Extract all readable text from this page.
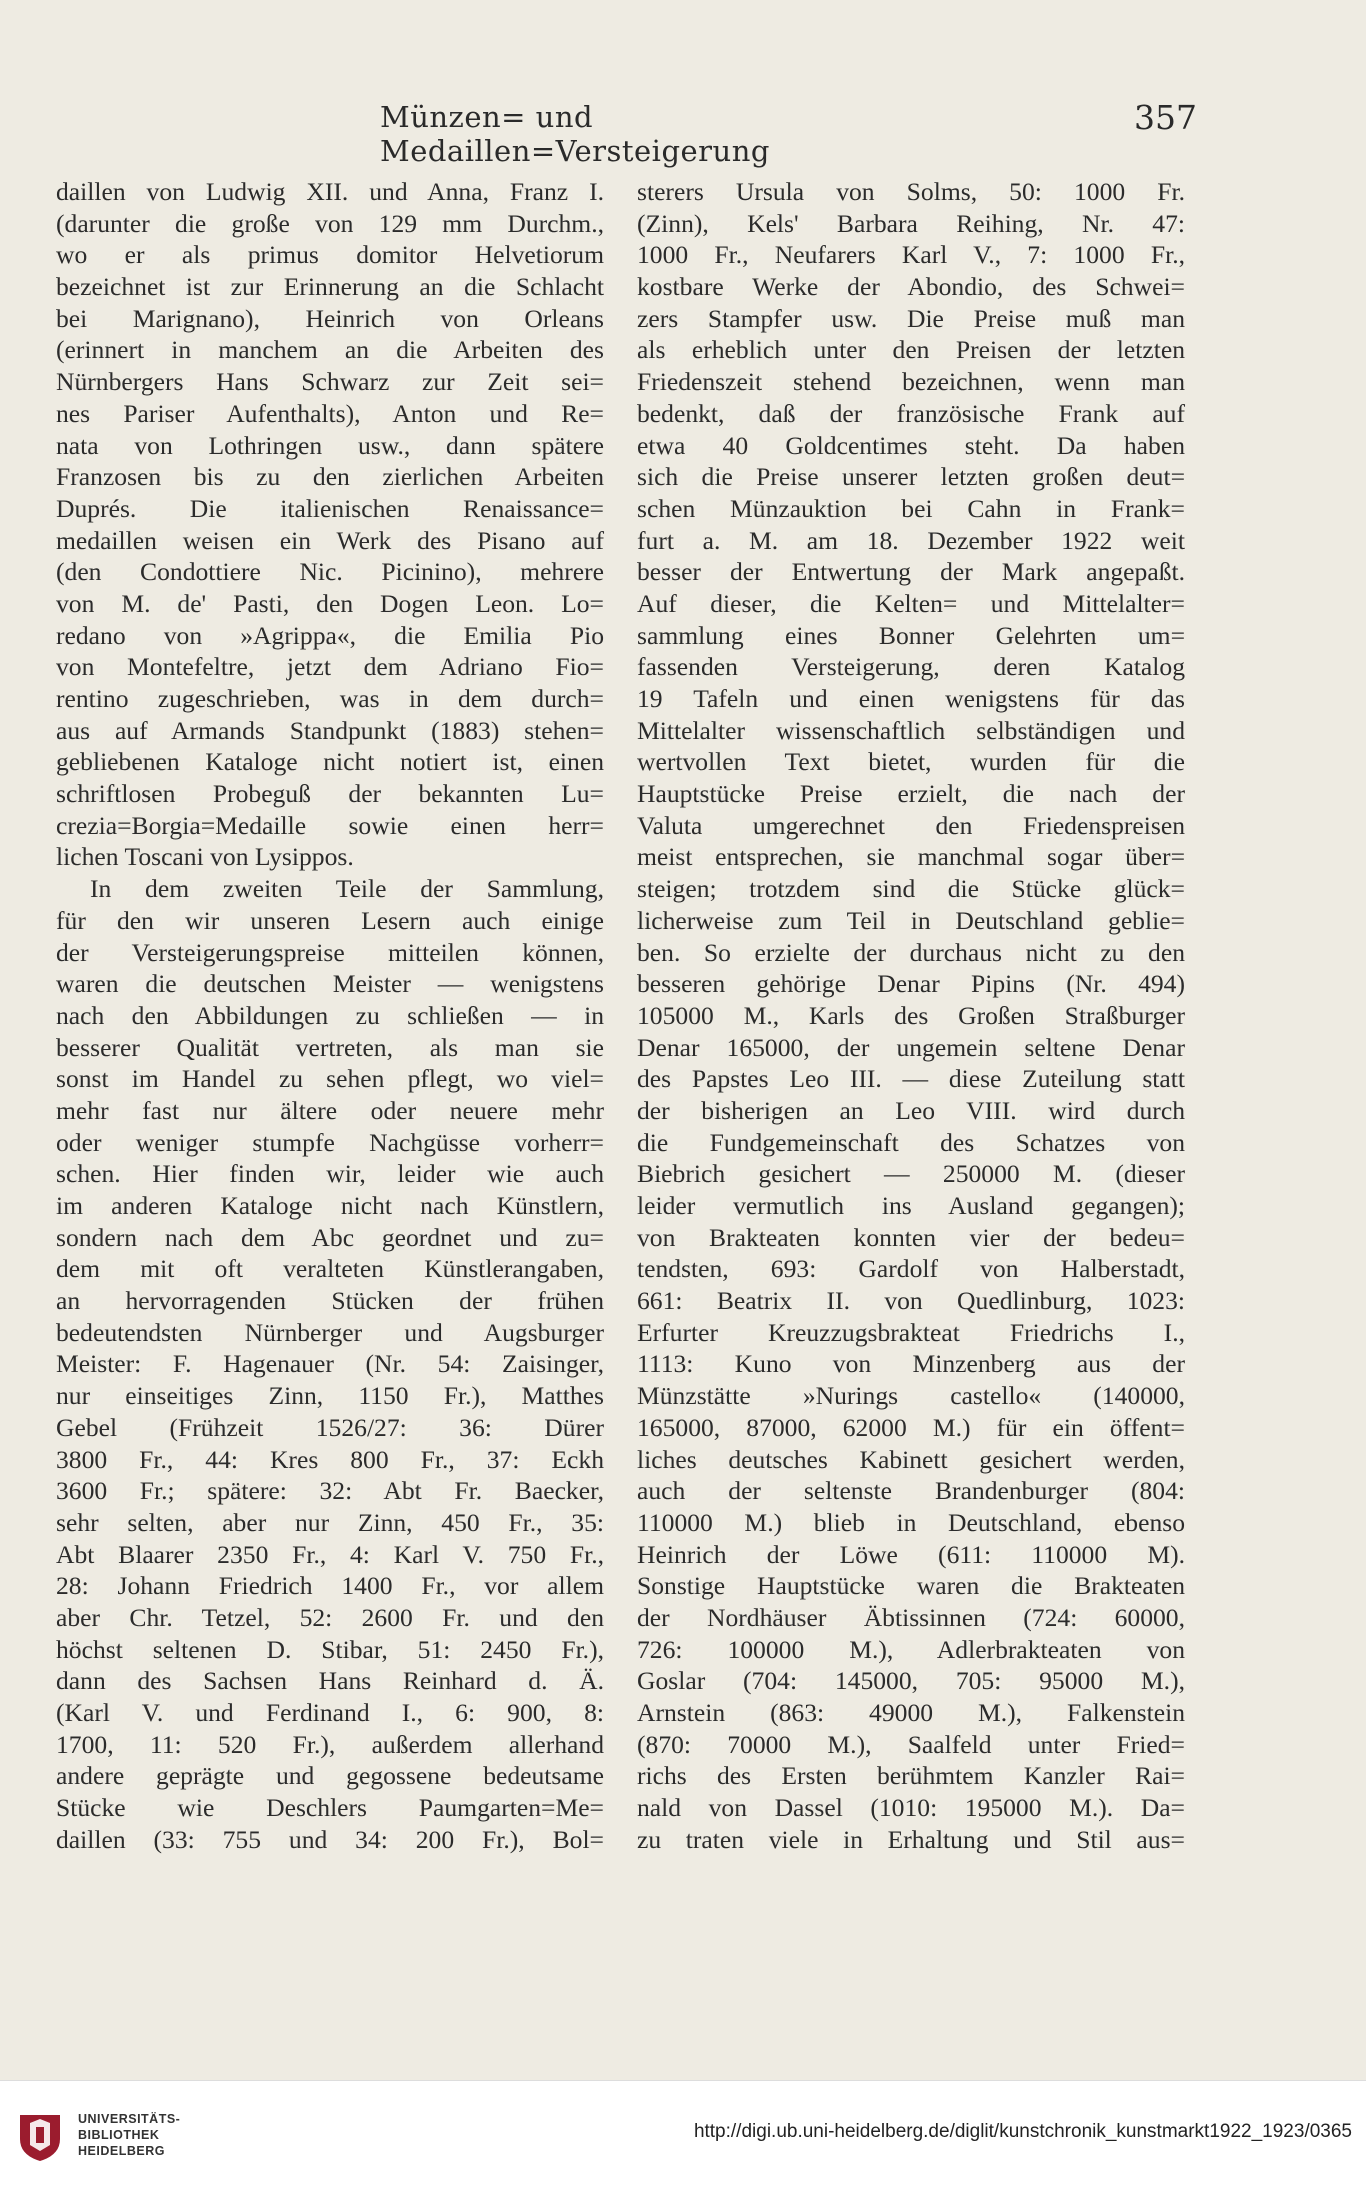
Münzen= und Medaillen=Versteigerung
357
daillen von Ludwig XII. und Anna, Franz I.
(darunter die große von 129 mm Durchm.,
wo er als primus domitor Helvetiorum
bezeichnet ist zur Erinnerung an die Schlacht
bei Marignano), Heinrich von Orleans
(erinnert in manchem an die Arbeiten des
Nürnbergers Hans Schwarz zur Zeit sei=
nes Pariser Aufenthalts), Anton und Re=
nata von Lothringen usw., dann spätere
Franzosen bis zu den zierlichen Arbeiten
Duprés. Die italienischen Renaissance=
medaillen weisen ein Werk des Pisano auf
(den Condottiere Nic. Picinino), mehrere
von M. de' Pasti, den Dogen Leon. Lo=
redano von »Agrippa«, die Emilia Pio
von Montefeltre, jetzt dem Adriano Fio=
rentino zugeschrieben, was in dem durch=
aus auf Armands Standpunkt (1883) stehen=
gebliebenen Kataloge nicht notiert ist, einen
schriftlosen Probeguß der bekannten Lu=
crezia=Borgia=Medaille sowie einen herr=
lichen Toscani von Lysippos.
In dem zweiten Teile der Sammlung,
für den wir unseren Lesern auch einige
der Versteigerungspreise mitteilen können,
waren die deutschen Meister — wenigstens
nach den Abbildungen zu schließen — in
besserer Qualität vertreten, als man sie
sonst im Handel zu sehen pflegt, wo viel=
mehr fast nur ältere oder neuere mehr
oder weniger stumpfe Nachgüsse vorherr=
schen. Hier finden wir, leider wie auch
im anderen Kataloge nicht nach Künstlern,
sondern nach dem Abc geordnet und zu=
dem mit oft veralteten Künstlerangaben,
an hervorragenden Stücken der frühen
bedeutendsten Nürnberger und Augsburger
Meister: F. Hagenauer (Nr. 54: Zaisinger,
nur einseitiges Zinn, 1150 Fr.), Matthes
Gebel (Frühzeit 1526/27: 36: Dürer
3800 Fr., 44: Kres 800 Fr., 37: Eckh
3600 Fr.; spätere: 32: Abt Fr. Baecker,
sehr selten, aber nur Zinn, 450 Fr., 35:
Abt Blaarer 2350 Fr., 4: Karl V. 750 Fr.,
28: Johann Friedrich 1400 Fr., vor allem
aber Chr. Tetzel, 52: 2600 Fr. und den
höchst seltenen D. Stibar, 51: 2450 Fr.),
dann des Sachsen Hans Reinhard d. Ä.
(Karl V. und Ferdinand I., 6: 900, 8:
1700, 11: 520 Fr.), außerdem allerhand
andere geprägte und gegossene bedeutsame
Stücke wie Deschlers Paumgarten=Me=
daillen (33: 755 und 34: 200 Fr.), Bol=
sterers Ursula von Solms, 50: 1000 Fr.
(Zinn), Kels' Barbara Reihing, Nr. 47:
1000 Fr., Neufarers Karl V., 7: 1000 Fr.,
kostbare Werke der Abondio, des Schwei=
zers Stampfer usw. Die Preise muß man
als erheblich unter den Preisen der letzten
Friedenszeit stehend bezeichnen, wenn man
bedenkt, daß der französische Frank auf
etwa 40 Goldcentimes steht. Da haben
sich die Preise unserer letzten großen deut=
schen Münzauktion bei Cahn in Frank=
furt a. M. am 18. Dezember 1922 weit
besser der Entwertung der Mark angepaßt.
Auf dieser, die Kelten= und Mittelalter=
sammlung eines Bonner Gelehrten um=
fassenden Versteigerung, deren Katalog
19 Tafeln und einen wenigstens für das
Mittelalter wissenschaftlich selbständigen und
wertvollen Text bietet, wurden für die
Hauptstücke Preise erzielt, die nach der
Valuta umgerechnet den Friedenspreisen
meist entsprechen, sie manchmal sogar über=
steigen; trotzdem sind die Stücke glück=
licherweise zum Teil in Deutschland geblie=
ben. So erzielte der durchaus nicht zu den
besseren gehörige Denar Pipins (Nr. 494)
105000 M., Karls des Großen Straßburger
Denar 165000, der ungemein seltene Denar
des Papstes Leo III. — diese Zuteilung statt
der bisherigen an Leo VIII. wird durch
die Fundgemeinschaft des Schatzes von
Biebrich gesichert — 250000 M. (dieser
leider vermutlich ins Ausland gegangen);
von Brakteaten konnten vier der bedeu=
tendsten, 693: Gardolf von Halberstadt,
661: Beatrix II. von Quedlinburg, 1023:
Erfurter Kreuzzugsbrakteat Friedrichs I.,
1113: Kuno von Minzenberg aus der
Münzstätte »Nurings castello« (140000,
165000, 87000, 62000 M.) für ein öffent=
liches deutsches Kabinett gesichert werden,
auch der seltenste Brandenburger (804:
110000 M.) blieb in Deutschland, ebenso
Heinrich der Löwe (611: 110000 M).
Sonstige Hauptstücke waren die Brakteaten
der Nordhäuser Äbtissinnen (724: 60000,
726: 100000 M.), Adlerbrakteaten von
Goslar (704: 145000, 705: 95000 M.),
Arnstein (863: 49000 M.), Falkenstein
(870: 70000 M.), Saalfeld unter Fried=
richs des Ersten berühmtem Kanzler Rai=
nald von Dassel (1010: 195000 M.). Da=
zu traten viele in Erhaltung und Stil aus=
UNIVERSITÄTS-
BIBLIOTHEK
HEIDELBERG
http://digi.ub.uni-heidelberg.de/diglit/kunstchronik_kunstmarkt1922_1923/0365
